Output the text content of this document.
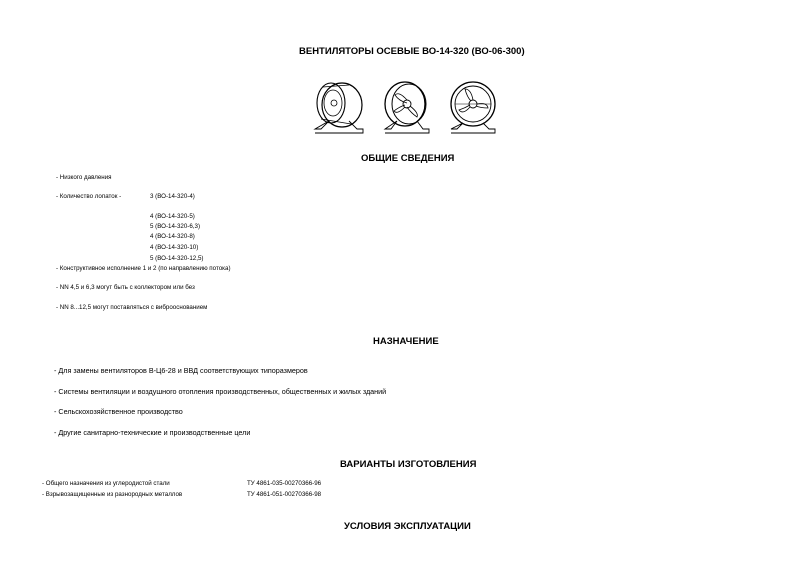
ВЕНТИЛЯТОРЫ ОСЕВЫЕ ВО-14-320 (ВО-06-300)
ОБЩИЕ СВЕДЕНИЯ
- Низкого давления
- Количество лопаток -	3 (ВО-14-320-4)
4 (ВО-14-320-5)
5 (ВО-14-320-6,3)
4 (ВО-14-320-8)
4 (ВО-14-320-10)
5 (ВО-14-320-12,5)
- Конструктивное исполнение 1 и 2 (по направлению потока)
- NN 4,5 и 6,3 могут быть с коллектором или без
- NN 8...12,5 могут поставляться с виброоснованием
НАЗНАЧЕНИЕ
- Для замены вентиляторов В-Ц6-28 и ВВД соответствующих типоразмеров
- Системы вентиляции и воздушного отопления производственных, общественных и жилых зданий
- Сельскохозяйственное производство
- Другие санитарно-технические и производственные цели
ВАРИАНТЫ ИЗГОТОВЛЕНИЯ
- Общего назначения из углеродистой стали	ТУ 4861-035-00270366-96
- Взрывозащищенные из разнородных металлов	ТУ 4861-051-00270366-98
УСЛОВИЯ ЭКСПЛУАТАЦИИ
